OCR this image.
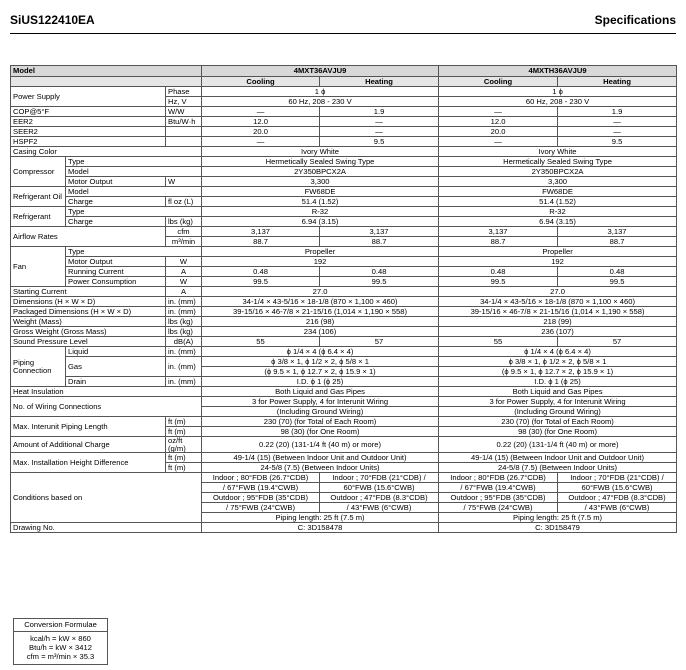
SiUS122410EA	Specifications
Model			4MXT36AVJU9		4MXTH36AVJU9	
			Cooling	Heating	Cooling	Heating
Power Supply		Phase	1 ϕ		1 ϕ	
		Hz, V	60 Hz, 208 - 230 V		60 Hz, 208 - 230 V	
COP@5°F		W/W	—	1.9	—	1.9
EER2		Btu/W·h	12.0	—	12.0	—
SEER2			20.0	—	20.0	—
HSPF2			—	9.5	—	9.5
Casing Color			Ivory White		Ivory White	
Compressor	Type		Hermetically Sealed Swing Type		Hermetically Sealed Swing Type	
	Model		2Y350BPCX2A		2Y350BPCX2A	
	Motor Output	W	3,300		3,300	
Refrigerant Oil	Model		FW68DE		FW68DE	
	Charge	fl oz (L)	51.4 (1.52)		51.4 (1.52)	
Refrigerant	Type		R-32		R-32	
	Charge	lbs (kg)	6.94 (3.15)		6.94 (3.15)	
Airflow Rates		cfm	3,137	3,137	3,137	3,137
		m³/min	88.7	88.7	88.7	88.7
Fan	Type		Propeller		Propeller	
	Motor Output	W	192		192	
	Running Current	A	0.48	0.48	0.48	0.48
	Power Consumption	W	99.5	99.5	99.5	99.5
Starting Current		A	27.0		27.0	
Dimensions (H × W × D)		in. (mm)	34-1/4 × 43-5/16 × 18-1/8 (870 × 1,100 × 460)		34-1/4 × 43-5/16 × 18-1/8 (870 × 1,100 × 460)	
Packaged Dimensions (H × W × D)		in. (mm)	39-15/16 × 46-7/8 × 21-15/16 (1,014 × 1,190 × 558)		39-15/16 × 46-7/8 × 21-15/16 (1,014 × 1,190 × 558)	
Weight (Mass)		lbs (kg)	216 (98)		218 (99)	
Gross Weight (Gross Mass)		lbs (kg)	234 (106)		236 (107)	
Sound Pressure Level		dB(A)	55	57	55	57
Piping Connection	Liquid	in. (mm)	ϕ 1/4 × 4 (ϕ 6.4 × 4)		ϕ 1/4 × 4 (ϕ 6.4 × 4)	
	Gas	in. (mm)	ϕ 3/8 × 1, ϕ 1/2 × 2, ϕ 5/8 × 1		ϕ 3/8 × 1, ϕ 1/2 × 2, ϕ 5/8 × 1	
			(ϕ 9.5 × 1, ϕ 12.7 × 2, ϕ 15.9 × 1)		(ϕ 9.5 × 1, ϕ 12.7 × 2, ϕ 15.9 × 1)	
	Drain	in. (mm)	I.D. ϕ 1 (ϕ 25)		I.D. ϕ 1 (ϕ 25)	
Heat Insulation			Both Liquid and Gas Pipes		Both Liquid and Gas Pipes	
No. of Wiring Connections			3 for Power Supply, 4 for Interunit Wiring		3 for Power Supply, 4 for Interunit Wiring	
			(Including Ground Wiring)		(Including Ground Wiring)	
Max. Interunit Piping Length		ft (m)	230 (70) (for Total of Each Room)		230 (70) (for Total of Each Room)	
		ft (m)	98 (30) (for One Room)		98 (30) (for One Room)	
Amount of Additional Charge		oz/ft (g/m)	0.22 (20) (131-1/4 ft (40 m) or more)		0.22 (20) (131-1/4 ft (40 m) or more)	

Max. Installation Height Difference		ft (m)	49-1/4 (15) (Between Indoor Unit and Outdoor Unit)		49-1/4 (15) (Between Indoor Unit and Outdoor Unit)	
		ft (m)	24-5/8 (7.5) (Between Indoor Units)		24-5/8 (7.5) (Between Indoor Units)	
Conditions based on			Indoor ; 80°FDB (26.7°CDB)	Indoor ; 70°FDB (21°CDB) /	Indoor ; 80°FDB (26.7°CDB)	Indoor ; 70°FDB (21°CDB) /
			/ 67°FWB (19.4°CWB)	60°FWB (15.6°CWB)	/ 67°FWB (19.4°CWB)	60°FWB (15.6°CWB)
			Outdoor ; 95°FDB (35°CDB)	Outdoor ; 47°FDB (8.3°CDB)	Outdoor ; 95°FDB (35°CDB)	Outdoor ; 47°FDB (8.3°CDB)
			/ 75°FWB (24°CWB)	/ 43°FWB (6°CWB)	/ 75°FWB (24°CWB)	/ 43°FWB (6°CWB)
			Piping length: 25 ft (7.5 m)		Piping length: 25 ft (7.5 m)	
Drawing No.			C: 3D158478		C: 3D158479	
Conversion Formulae
kcal/h = kW × 860
Btu/h = kW × 3412
cfm = m³/min × 35.3
